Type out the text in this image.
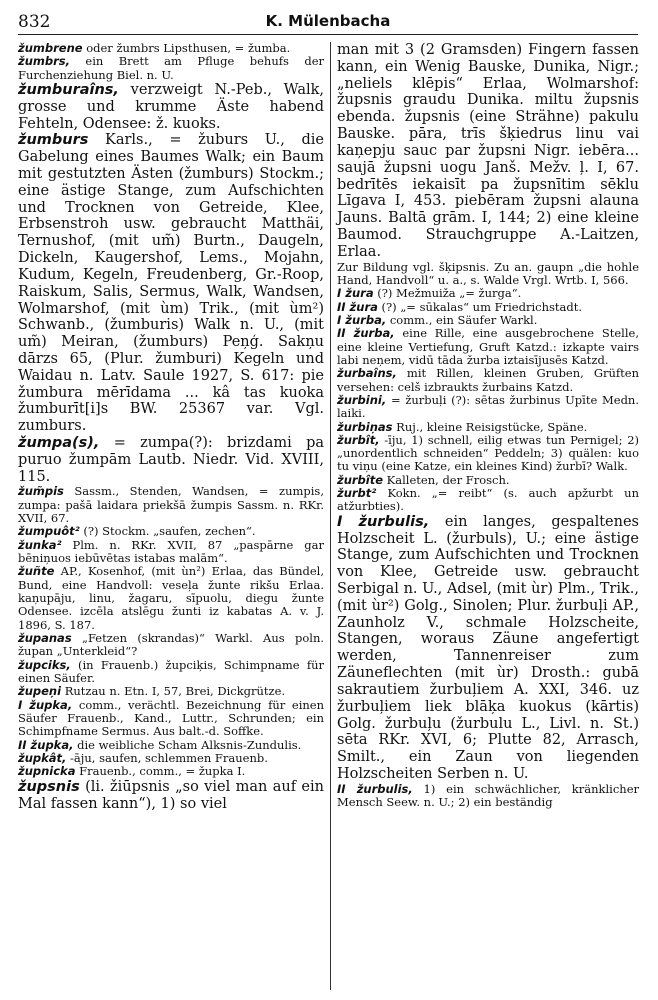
832	K. Mülenbacha

žumbrene oder žumbrs Lipsthusen, = žumba.

žumbrs, ein Brett am Pfluge behufs der Furchenziehung Biel. n. U.

žumburaîns, verzweigt N.-Peb., Walk, grosse und krumme Äste habend Fehteln, Odensee: ž. kuoks.

žumburs Karls., = žuburs U., die Gabelung eines Baumes Walk; ein Baum mit gestutzten Ästen (žumburs) Stockm.; eine ästige Stange, zum Aufschichten und Trocknen von Getreide, Klee, Erbsenstroh usw. gebraucht Matthäi, Ternushof, (mit um̃) Burtn., Daugeln, Dickeln, Kaugershof, Lems., Mojahn, Kudum, Kegeln, Freudenberg, Gr.-Roop, Raiskum, Salis, Sermus, Walk, Wandsen, Wolmarshof, (mit ùm) Trik., (mit ùm²) Schwanb., (žumburis) Walk n. U., (mit um̃) Meiran, (žumburs) Peņģ. Sakņu dārzs 65, (Plur. žumburi) Kegeln und Waidau n. Latv. Saule 1927, S. 617: pie žumbura mērīdama ... kâ tas kuoka žumburīt[i]s BW. 25367 var. Vgl. zumburs.

žumpa(s), = zumpa(?): brizdami pa puruo žumpām Lautb. Niedr. Vid. XVIII, 115.

žum̃pis Sassm., Stenden, Wandsen, = zumpis, zumpa: pašā laidara priekšā žumpis Sassm. n. RKr. XVII, 67.

žumpuôt² (?) Stockm. „saufen, zechen“.

žunka² Plm. n. RKr. XVII, 87 „paspārne gar bēniņuos iebūvētas istabas malām“.

žuñte AP., Kosenhof, (mit ùn²) Erlaa, das Bündel, Bund, eine Handvoll: veseļa žunte rikšu Erlaa. kaņupāju, linu, žagaru, sīpuolu, diegu žunte Odensee. izcēla atslēgu žunti iz kabatas A. v. J. 1896, S. 187.

županas „Fetzen (skrandas)“ Warkl. Aus poln. župan „Unterkleid“?

župciks, (in Frauenb.) župciķis, Schimpname für einen Säufer.

župeņi Rutzau n. Etn. I, 57, Brei, Dickgrütze.

I župka, comm., verächtl. Bezeichnung für einen Säufer Frauenb., Kand., Luttr., Schrunden; ein Schimpfname Sermus. Aus balt.-d. Soffke.

II župka, die weibliche Scham Alksnis-Zundulis.

župkât, -āju, saufen, schlemmen Frauenb.

župnicka Frauenb., comm., = župka I.

župsnis (li. žiūpsnis „so viel man auf ein Mal fassen kann“), 1) so viel

man mit 3 (2 Gramsden) Fingern fassen kann, ein Wenig Bauske, Dunika, Nigr.; „neliels klēpis“ Erlaa, Wolmarshof: župsnis graudu Dunika. miltu župsnis ebenda. župsnis (eine Strähne) pakulu Bauske. pāra, trīs šķiedrus linu vai kaņepju sauc par župsni Nigr. iebēra... saujā župsni uogu Janš. Mežv. ļ. I, 67. bedrītēs iekaisīt pa župsnītim sēklu Līgava I, 453. piebēram župsni alauna Jauns. Baltā grām. I, 144; 2) eine kleine Baumod. Strauchgruppe A.-Laitzen, Erlaa.

Zur Bildung vgl. šķipsnis. Zu an. gaupn „die hohle Hand, Handvoll“ u. a., s. Walde Vrgl. Wrtb. I, 566.

I žura (?) Mežmuiža „= žurga“.

II žura (?) „= sūkalas“ um Friedrichstadt.

I žurba, comm., ein Säufer Warkl.

II žurba, eine Rille, eine ausgebrochene Stelle, eine kleine Vertiefung, Gruft Katzd.: izkapte vairs labi neņem, vidū tāda žurba iztaisījusēs Katzd.

žurbaîns, mit Rillen, kleinen Gruben, Grüften versehen: celš izbraukts žurbains Katzd.

žurbini, = žurbuļi (?): sētas žurbinus Upīte Medn. laiki.

žurbiņas Ruj., kleine Reisigstücke, Späne.

žurbît, -īju, 1) schnell, eilig etwas tun Pernigel; 2) „unordentlich schneiden“ Peddeln; 3) quälen: kuo tu viņu (eine Katze, ein kleines Kind) žurbī? Walk.

žurbîte Kalleten, der Frosch.

žurbt² Kokn. „= reibt“ (s. auch apžurbt un atžurbties).

I žurbulis, ein langes, gespaltenes Holzscheit L. (žurbuls), U.; eine ästige Stange, zum Aufschichten und Trocknen von Klee, Getreide usw. gebraucht Serbigal n. U., Adsel, (mit ùr) Plm., Trik., (mit ùr²) Golg., Sinolen; Plur. žurbuļi AP., Zaunholz V., schmale Holzscheite, Stangen, woraus Zäune angefertigt werden, Tannenreiser zum Zäuneflechten (mit ùr) Drosth.: gubā sakrautiem žurbuļiem A. XXI, 346. uz žurbuļiem liek blāķa kuokus (kārtis) Golg. žurbuļu (žurbulu L., Livl. n. St.) sēta RKr. XVI, 6; Plutte 82, Arrasch, Smilt., ein Zaun von liegenden Holzscheiten Serben n. U.

II žurbulis, 1) ein schwächlicher, kränklicher Mensch Seew. n. U.; 2) ein beständig
